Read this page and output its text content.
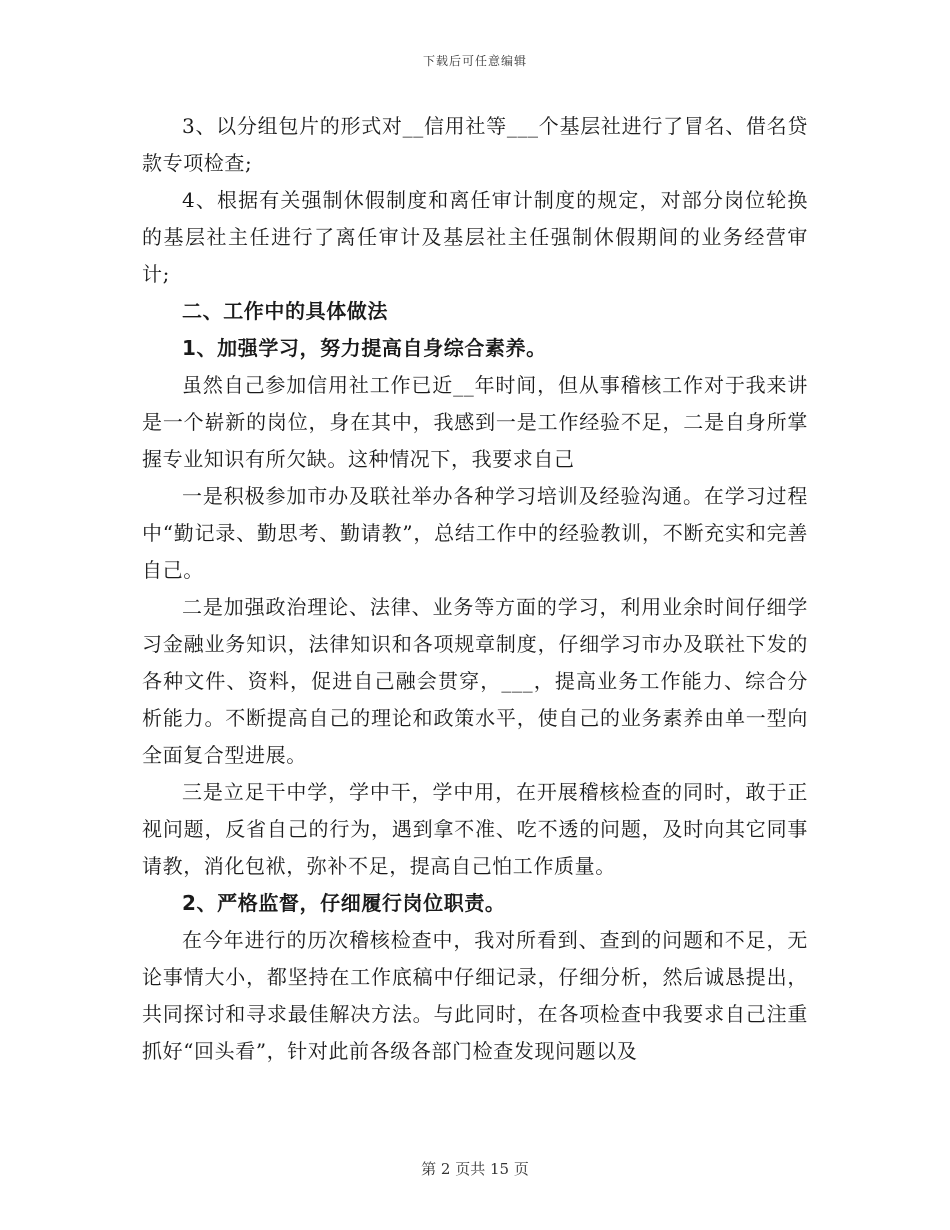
下载后可任意编辑

3、以分组包片的形式对__信用社等___个基层社进行了冒名、借名贷款专项检查;

4、根据有关强制休假制度和离任审计制度的规定，对部分岗位轮换的基层社主任进行了离任审计及基层社主任强制休假期间的业务经营审计;

二、工作中的具体做法

1、加强学习，努力提高自身综合素养。

虽然自己参加信用社工作已近__年时间，但从事稽核工作对于我来讲是一个崭新的岗位，身在其中，我感到一是工作经验不足，二是自身所掌握专业知识有所欠缺。这种情况下，我要求自己

一是积极参加市办及联社举办各种学习培训及经验沟通。在学习过程中“勤记录、勤思考、勤请教”，总结工作中的经验教训，不断充实和完善自己。

二是加强政治理论、法律、业务等方面的学习，利用业余时间仔细学习金融业务知识，法律知识和各项规章制度，仔细学习市办及联社下发的各种文件、资料，促进自己融会贯穿，___，提高业务工作能力、综合分析能力。不断提高自己的理论和政策水平，使自己的业务素养由单一型向全面复合型进展。

三是立足干中学，学中干，学中用，在开展稽核检查的同时，敢于正视问题，反省自己的行为，遇到拿不准、吃不透的问题，及时向其它同事请教，消化包袱，弥补不足，提高自己怕工作质量。

2、严格监督，仔细履行岗位职责。

在今年进行的历次稽核检查中，我对所看到、查到的问题和不足，无论事情大小，都坚持在工作底稿中仔细记录，仔细分析，然后诚恳提出，共同探讨和寻求最佳解决方法。与此同时，在各项检查中我要求自己注重抓好“回头看”，针对此前各级各部门检查发现问题以及

第 2 页共 15 页
